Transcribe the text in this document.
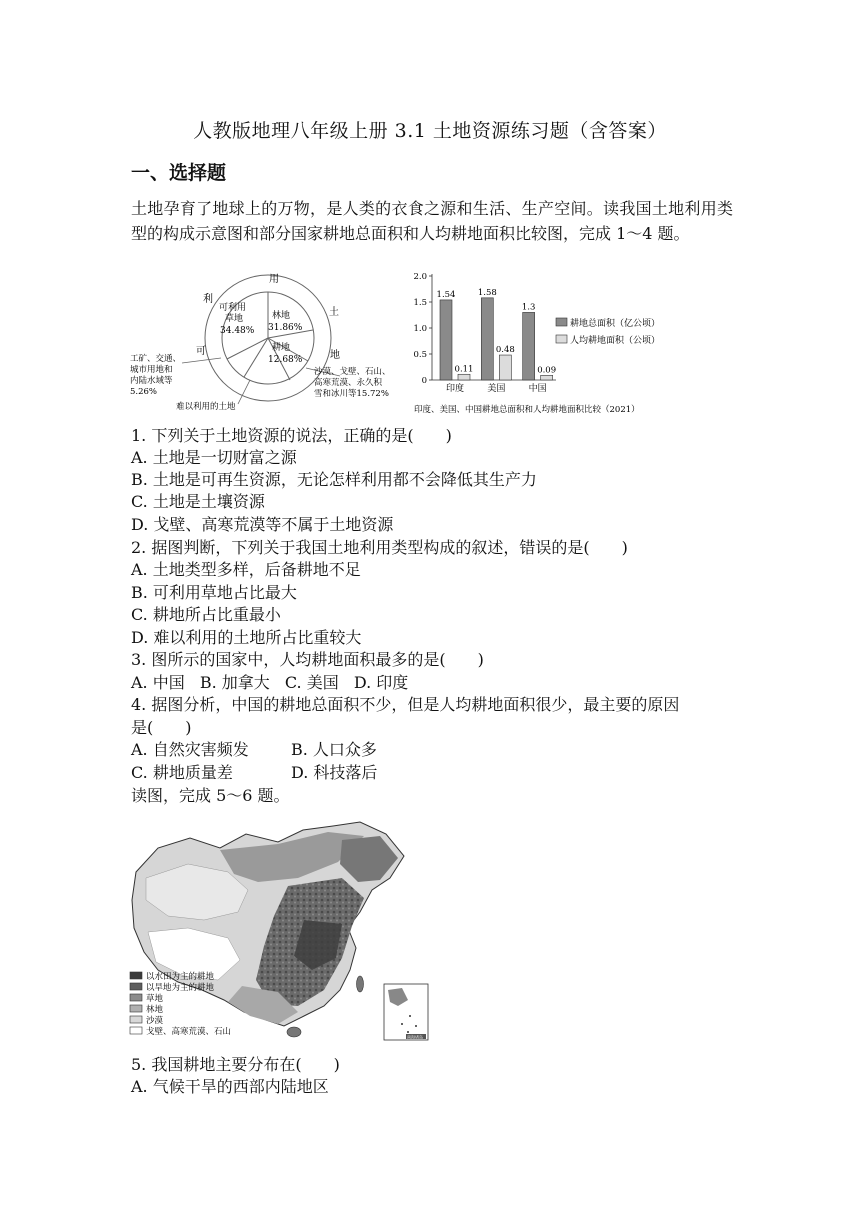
人教版地理八年级上册 3.1 土地资源练习题（含答案）
一、选择题
土地孕育了地球上的万物，是人类的衣食之源和生活、生产空间。读我国土地利用类型的构成示意图和部分国家耕地总面积和人均耕地面积比较图，完成 1～4 题。
用
土
地
可
利
可利用
草地
34.48%
林地
31.86%
耕地
12.68%
工矿、交通、
城市用地和
内陆水域等
5.26%
沙漠、戈壁、石山、
高寒荒漠、永久积
雪和冰川等15.72%
难以利用的土地
0
0.5
1.0
1.5
2.0
1.54
0.11
印度
1.58
0.48
美国
1.3
0.09
中国
耕地总面积（亿公顷）
人均耕地面积（公顷）
印度、美国、中国耕地总面积和人均耕地面积比较（2021）
1. 下列关于土地资源的说法，正确的是(　　)
A. 土地是一切财富之源
B. 土地是可再生资源，无论怎样利用都不会降低其生产力
C. 土地是土壤资源
D. 戈壁、高寒荒漠等不属于土地资源
2. 据图判断，下列关于我国土地利用类型构成的叙述，错误的是(　　)
A. 土地类型多样，后备耕地不足
B. 可利用草地占比最大
C. 耕地所占比重最小
D. 难以利用的土地所占比重较大
3. 图所示的国家中，人均耕地面积最多的是(　　)
A. 中国 B. 加拿大 C. 美国 D. 印度
4. 据图分析，中国的耕地总面积不少，但是人均耕地面积很少，最主要的原因
是(　　)
A. 自然灾害频发	B. 人口众多
C. 耕地质量差	D. 科技落后
读图，完成 5～6 题。
南海诸岛
以水田为主的耕地
以旱地为主的耕地
草地
林地
沙漠
戈壁、高寒荒漠、石山
5. 我国耕地主要分布在(　　)
A. 气候干旱的西部内陆地区
